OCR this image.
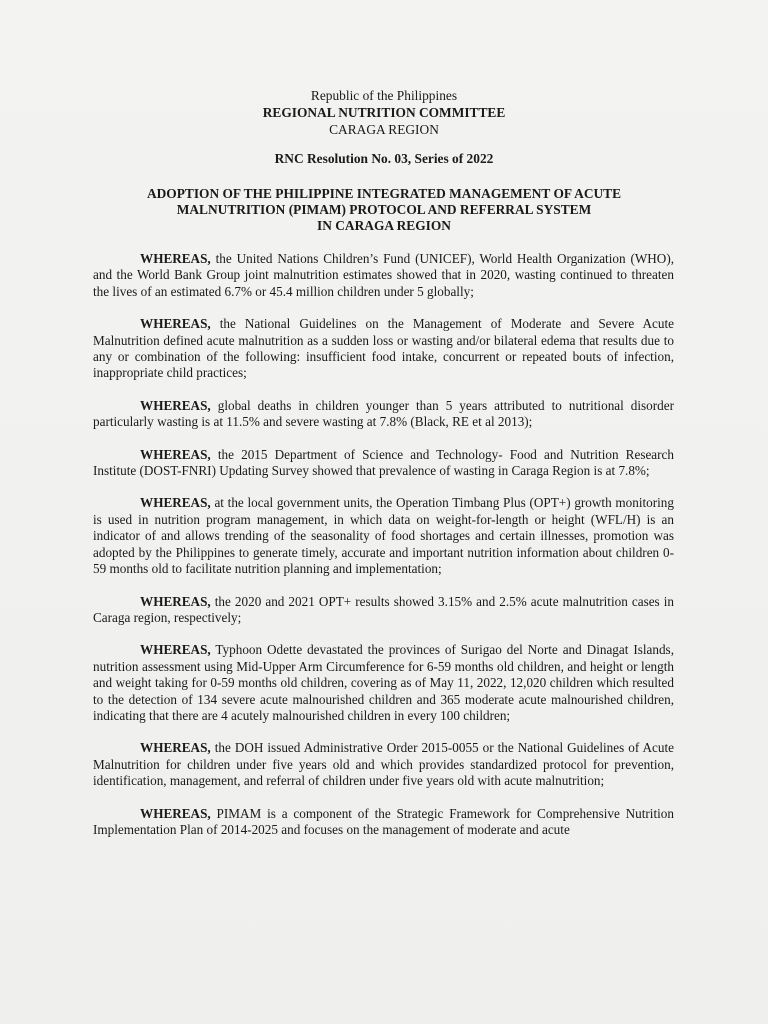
Republic of the Philippines
REGIONAL NUTRITION COMMITTEE
CARAGA REGION
RNC Resolution No. 03, Series of 2022
ADOPTION OF THE PHILIPPINE INTEGRATED MANAGEMENT OF ACUTE
MALNUTRITION (PIMAM) PROTOCOL AND REFERRAL SYSTEM
IN CARAGA REGION

WHEREAS, the United Nations Children’s Fund (UNICEF), World Health Organization (WHO), and the World Bank Group joint malnutrition estimates showed that in 2020, wasting continued to threaten the lives of an estimated 6.7% or 45.4 million children under 5 globally;

WHEREAS, the National Guidelines on the Management of Moderate and Severe Acute Malnutrition defined acute malnutrition as a sudden loss or wasting and/or bilateral edema that results due to any or combination of the following: insufficient food intake, concurrent or repeated bouts of infection, inappropriate child practices;

WHEREAS, global deaths in children younger than 5 years attributed to nutritional disorder particularly wasting is at 11.5% and severe wasting at 7.8% (Black, RE et al 2013);

WHEREAS, the 2015 Department of Science and Technology- Food and Nutrition Research Institute (DOST-FNRI) Updating Survey showed that prevalence of wasting in Caraga Region is at 7.8%;

WHEREAS, at the local government units, the Operation Timbang Plus (OPT+) growth monitoring is used in nutrition program management, in which data on weight-for-length or height (WFL/H) is an indicator of and allows trending of the seasonality of food shortages and certain illnesses, promotion was adopted by the Philippines to generate timely, accurate and important nutrition information about children 0-59 months old to facilitate nutrition planning and implementation;

WHEREAS, the 2020 and 2021 OPT+ results showed 3.15% and 2.5% acute malnutrition cases in Caraga region, respectively;

WHEREAS, Typhoon Odette devastated the provinces of Surigao del Norte and Dinagat Islands, nutrition assessment using Mid-Upper Arm Circumference for 6-59 months old children, and height or length and weight taking for 0-59 months old children, covering as of May 11, 2022, 12,020 children which resulted to the detection of 134 severe acute malnourished children and 365 moderate acute malnourished children, indicating that there are 4 acutely malnourished children in every 100 children;

WHEREAS, the DOH issued Administrative Order 2015-0055 or the National Guidelines of Acute Malnutrition for children under five years old and which provides standardized protocol for prevention, identification, management, and referral of children under five years old with acute malnutrition;

WHEREAS, PIMAM is a component of the Strategic Framework for Comprehensive Nutrition Implementation Plan of 2014-2025 and focuses on the management of moderate and acute
